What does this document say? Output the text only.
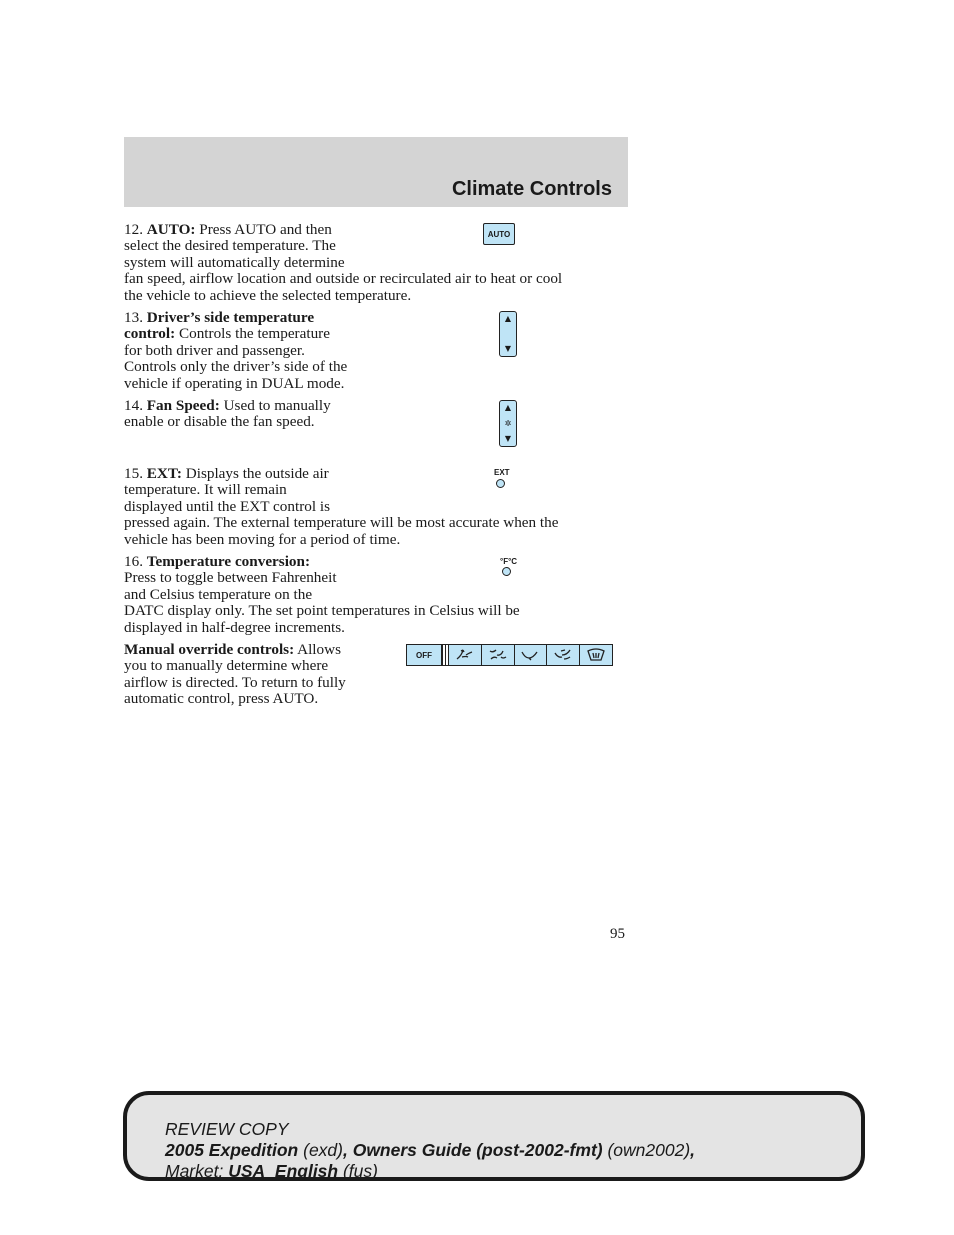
Climate Controls
12. AUTO: Press AUTO and then
select the desired temperature. The
system will automatically determine
fan speed, airflow location and outside or recirculated air to heat or cool
the vehicle to achieve the selected temperature.
AUTO
13. Driver’s side temperature
control: Controls the temperature
for both driver and passenger.
Controls only the driver’s side of the
vehicle if operating in DUAL mode.
▲
▼
14. Fan Speed: Used to manually
enable or disable the fan speed.
▲
✲
▼
15. EXT: Displays the outside air
temperature. It will remain
displayed until the EXT control is
pressed again. The external temperature will be most accurate when the
vehicle has been moving for a period of time.
EXT
16. Temperature conversion:
Press to toggle between Fahrenheit
and Celsius temperature on the
DATC display only. The set point temperatures in Celsius will be
displayed in half-degree increments.
°F°C
Manual override controls: Allows
you to manually determine where
airflow is directed. To return to fully
automatic control, press AUTO.
OFF
95
REVIEW COPY
2005 Expedition (exd), Owners Guide (post-2002-fmt) (own2002),
Market: USA_English (fus)
